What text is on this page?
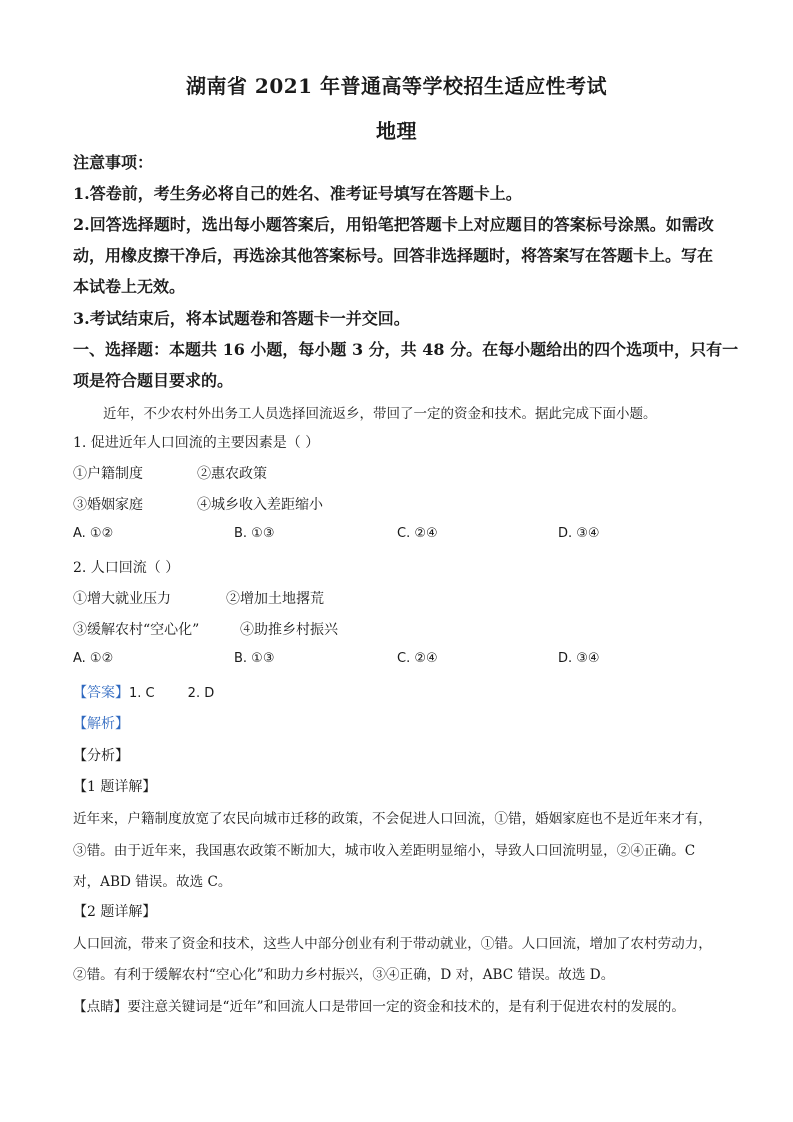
湖南省 2021 年普通高等学校招生适应性考试
地理
注意事项：
1.答卷前，考生务必将自己的姓名、准考证号填写在答题卡上。
2.回答选择题时，选出每小题答案后，用铅笔把答题卡上对应题目的答案标号涂黑。如需改
动，用橡皮擦干净后，再选涂其他答案标号。回答非选择题时，将答案写在答题卡上。写在
本试卷上无效。
3.考试结束后，将本试题卷和答题卡一并交回。
一、选择题：本题共 16 小题，每小题 3 分，共 48 分。在每小题给出的四个选项中，只有一
项是符合题目要求的。
近年，不少农村外出务工人员选择回流返乡，带回了一定的资金和技术。据此完成下面小题。
1. 促进近年人口回流的主要因素是（ ）
①户籍制度	②惠农政策
③婚姻家庭	④城乡收入差距缩小
A. ①②	B. ①③	C. ②④	D. ③④
2. 人口回流（ ）
①增大就业压力	②增加土地撂荒
③缓解农村“空心化”	④助推乡村振兴
A. ①②	B. ①③	C. ②④	D. ③④
【答案】1. C        2. D
【解析】
【分析】
【1 题详解】
近年来，户籍制度放宽了农民向城市迁移的政策，不会促进人口回流，①错，婚姻家庭也不是近年来才有，
③错。由于近年来，我国惠农政策不断加大，城市收入差距明显缩小，导致人口回流明显，②④正确。C
对，ABD 错误。故选 C。
【2 题详解】
人口回流，带来了资金和技术，这些人中部分创业有利于带动就业，①错。人口回流，增加了农村劳动力，
②错。有利于缓解农村“空心化”和助力乡村振兴，③④正确，D 对，ABC 错误。故选 D。
【点睛】要注意关键词是“近年”和回流人口是带回一定的资金和技术的，是有利于促进农村的发展的。
